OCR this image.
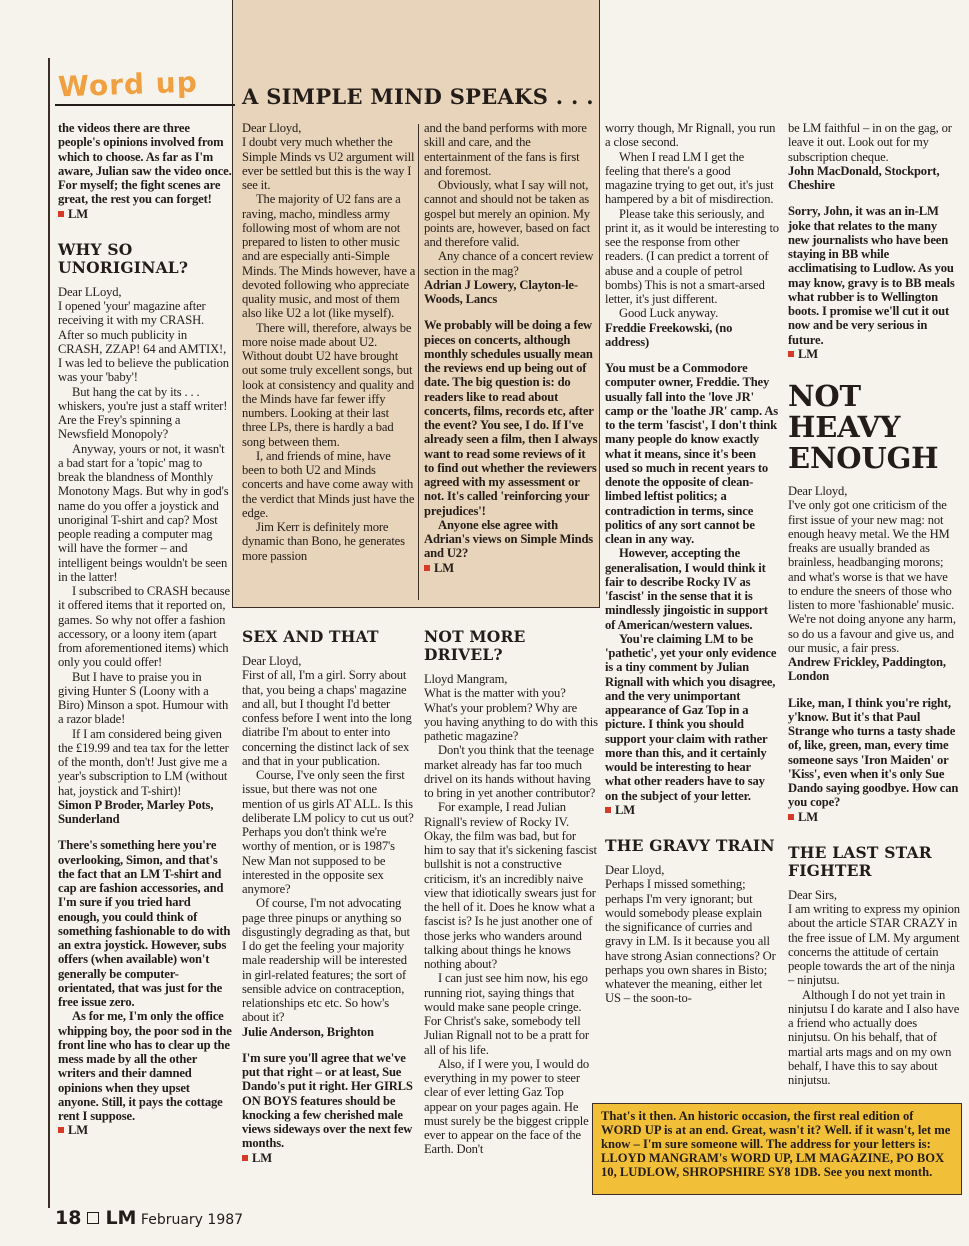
Word up A SIMPLE MIND SPEAKS . . .

the videos there are three people's opinions involved from which to choose. As far as I'm aware, Julian saw the video once. For myself; the fight scenes are great, the rest you can forget!

LM

WHY SO UNORIGINAL?

Dear LLoyd,

I opened 'your' magazine after receiving it with my CRASH. After so much publicity in CRASH, ZZAP! 64 and AMTIX!, I was led to believe the publication was your 'baby'!

But hang the cat by its . . . whiskers, you're just a staff writer! Are the Frey's spinning a Newsfield Monopoly?

Anyway, yours or not, it wasn't a bad start for a 'topic' mag to break the blandness of Monthly Monotony Mags. But why in god's name do you offer a joystick and unoriginal T-shirt and cap? Most people reading a computer mag will have the former – and intelligent beings wouldn't be seen in the latter!

I subscribed to CRASH because it offered items that it reported on, games. So why not offer a fashion accessory, or a loony item (apart from aforementioned items) which only you could offer!

But I have to praise you in giving Hunter S (Loony with a Biro) Minson a spot. Humour with a razor blade!

If I am considered being given the £19.99 and tea tax for the letter of the month, don't! Just give me a year's subscription to LM (without hat, joystick and T-shirt)!

Simon P Broder, Marley Pots, Sunderland

There's something here you're overlooking, Simon, and that's the fact that an LM T-shirt and cap are fashion accessories, and I'm sure if you tried hard enough, you could think of something fashionable to do with an extra joystick. However, subs offers (when available) won't generally be computer-orientated, that was just for the free issue zero.

As for me, I'm only the office whipping boy, the poor sod in the front line who has to clear up the mess made by all the other writers and their damned opinions when they upset anyone. Still, it pays the cottage rent I suppose.

LM

Dear Lloyd,

I doubt very much whether the Simple Minds vs U2 argument will ever be settled but this is the way I see it.

The majority of U2 fans are a raving, macho, mindless army following most of whom are not prepared to listen to other music and are especially anti-Simple Minds. The Minds however, have a devoted following who appreciate quality music, and most of them also like U2 a lot (like myself).

There will, therefore, always be more noise made about U2. Without doubt U2 have brought out some truly excellent songs, but look at consistency and quality and the Minds have far fewer iffy numbers. Looking at their last three LPs, there is hardly a bad song between them.

I, and friends of mine, have been to both U2 and Minds concerts and have come away with the verdict that Minds just have the edge.

Jim Kerr is definitely more dynamic than Bono, he generates more passion

and the band performs with more skill and care, and the entertainment of the fans is first and foremost.

Obviously, what I say will not, cannot and should not be taken as gospel but merely an opinion. My points are, however, based on fact and therefore valid.

Any chance of a concert review section in the mag?

Adrian J Lowery, Clayton-le-Woods, Lancs

We probably will be doing a few pieces on concerts, although monthly schedules usually mean the reviews end up being out of date. The big question is: do readers like to read about concerts, films, records etc, after the event? You see, I do. If I've already seen a film, then I always want to read some reviews of it to find out whether the reviewers agreed with my assessment or not. It's called 'reinforcing your prejudices'!

Anyone else agree with Adrian's views on Simple Minds and U2?

LM

SEX AND THAT

Dear Lloyd,

First of all, I'm a girl. Sorry about that, you being a chaps' magazine and all, but I thought I'd better confess before I went into the long diatribe I'm about to enter into concerning the distinct lack of sex and that in your publication.

Course, I've only seen the first issue, but there was not one mention of us girls AT ALL. Is this deliberate LM policy to cut us out? Perhaps you don't think we're worthy of mention, or is 1987's New Man not supposed to be interested in the opposite sex anymore?

Of course, I'm not advocating page three pinups or anything so disgustingly degrading as that, but I do get the feeling your majority male readership will be interested in girl-related features; the sort of sensible advice on contraception, relationships etc etc. So how's about it?

Julie Anderson, Brighton

I'm sure you'll agree that we've put that right – or at least, Sue Dando's put it right. Her GIRLS ON BOYS features should be knocking a few cherished male views sideways over the next few months.

LM

NOT MORE DRIVEL?

Lloyd Mangram,

What is the matter with you? What's your problem? Why are you having anything to do with this pathetic magazine?

Don't you think that the teenage market already has far too much drivel on its hands without having to bring in yet another contributor?

For example, I read Julian Rignall's review of Rocky IV. Okay, the film was bad, but for him to say that it's sickening fascist bullshit is not a constructive criticism, it's an incredibly naive view that idiotically swears just for the hell of it. Does he know what a fascist is? Is he just another one of those jerks who wanders around talking about things he knows nothing about?

I can just see him now, his ego running riot, saying things that would make sane people cringe. For Christ's sake, somebody tell Julian Rignall not to be a pratt for all of his life.

Also, if I were you, I would do everything in my power to steer clear of ever letting Gaz Top appear on your pages again. He must surely be the biggest cripple ever to appear on the face of the Earth. Don't

worry though, Mr Rignall, you run a close second.

When I read LM I get the feeling that there's a good magazine trying to get out, it's just hampered by a bit of misdirection.

Please take this seriously, and print it, as it would be interesting to see the response from other readers. (I can predict a torrent of abuse and a couple of petrol bombs) This is not a smart-arsed letter, it's just different.

Good Luck anyway.

Freddie Freekowski, (no address)

You must be a Commodore computer owner, Freddie. They usually fall into the 'love JR' camp or the 'loathe JR' camp. As to the term 'fascist', I don't think many people do know exactly what it means, since it's been used so much in recent years to denote the opposite of clean-limbed leftist politics; a contradiction in terms, since politics of any sort cannot be clean in any way.

However, accepting the generalisation, I would think it fair to describe Rocky IV as 'fascist' in the sense that it is mindlessly jingoistic in support of American/western values.

You're claiming LM to be 'pathetic', yet your only evidence is a tiny comment by Julian Rignall with which you disagree, and the very unimportant appearance of Gaz Top in a picture. I think you should support your claim with rather more than this, and it certainly would be interesting to hear what other readers have to say on the subject of your letter.

LM

THE GRAVY TRAIN

Dear Lloyd,

Perhaps I missed something; perhaps I'm very ignorant; but would somebody please explain the significance of curries and gravy in LM. Is it because you all have strong Asian connections? Or perhaps you own shares in Bisto; whatever the meaning, either let US – the soon-to-

be LM faithful – in on the gag, or leave it out. Look out for my subscription cheque.

John MacDonald, Stockport, Cheshire

Sorry, John, it was an in-LM joke that relates to the many new journalists who have been staying in BB while acclimatising to Ludlow. As you may know, gravy is to BB meals what rubber is to Wellington boots. I promise we'll cut it out now and be very serious in future.

LM

NOT HEAVY ENOUGH

Dear Lloyd,

I've only got one criticism of the first issue of your new mag: not enough heavy metal. We the HM freaks are usually branded as brainless, headbanging morons; and what's worse is that we have to endure the sneers of those who listen to more 'fashionable' music. We're not doing anyone any harm, so do us a favour and give us, and our music, a fair press.

Andrew Frickley, Paddington, London

Like, man, I think you're right, y'know. But it's that Paul Strange who turns a tasty shade of, like, green, man, every time someone says 'Iron Maiden' or 'Kiss', even when it's only Sue Dando saying goodbye. How can you cope?

LM

THE LAST STAR FIGHTER

Dear Sirs,

I am writing to express my opinion about the article STAR CRAZY in the free issue of LM. My argument concerns the attitude of certain people towards the art of the ninja – ninjutsu.

Although I do not yet train in ninjutsu I do karate and I also have a friend who actually does ninjutsu. On his behalf, that of martial arts mags and on my own behalf, I have this to say about ninjutsu.

That's it then. An historic occasion, the first real edition of WORD UP is at an end. Great, wasn't it? Well. if it wasn't, let me know – I'm sure someone will. The address for your letters is: LLOYD MANGRAM's WORD UP, LM MAGAZINE, PO BOX 10, LUDLOW, SHROPSHIRE SY8 1DB. See you next month.
18 LM February 1987
